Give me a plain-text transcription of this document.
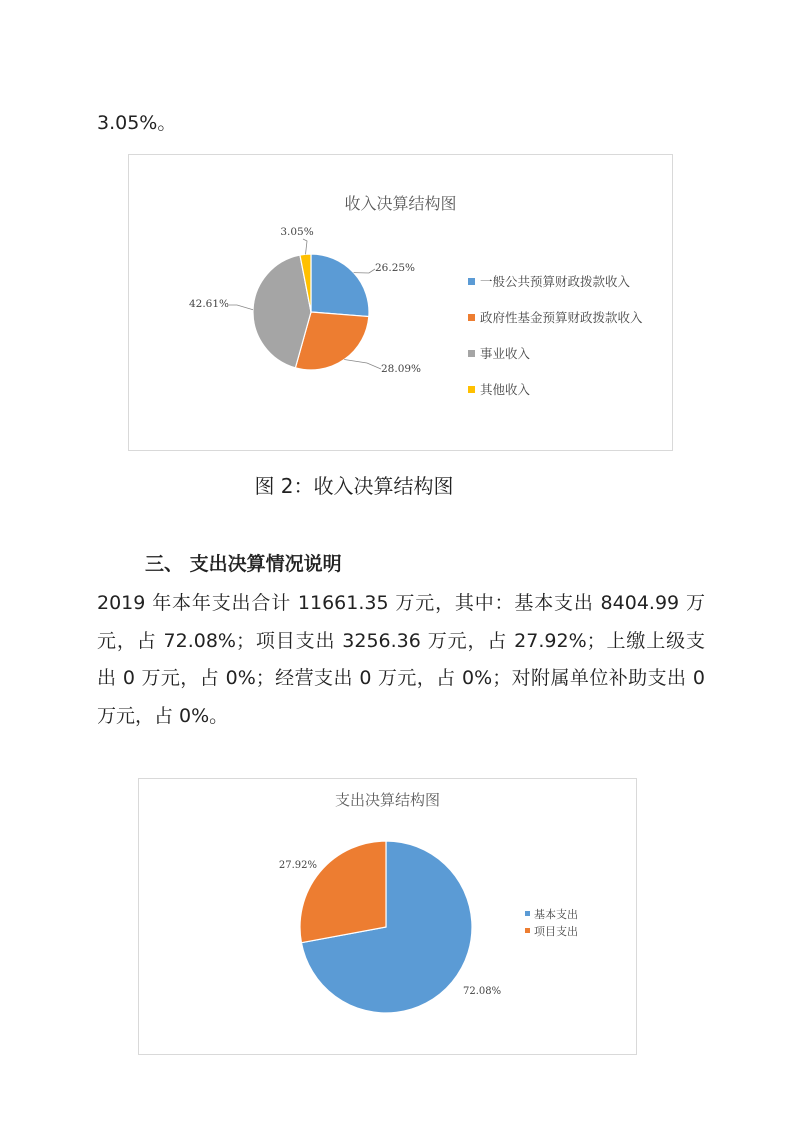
3.05%。
收入决算结构图
26.25%
28.09%
42.61%
3.05%
一般公共预算财政拨款收入
政府性基金预算财政拨款收入
事业收入
其他收入
图 2：收入决算结构图
三、 支出决算情况说明
2019 年本年支出合计 11661.35 万元，其中：基本支出 8404.99 万元，占 72.08%；项目支出 3256.36 万元，占 27.92%；上缴上级支出 0 万元，占 0%；经营支出 0 万元，占 0%；对附属单位补助支出 0 万元，占 0%。
支出决算结构图
72.08%
27.92%
基本支出
项目支出
